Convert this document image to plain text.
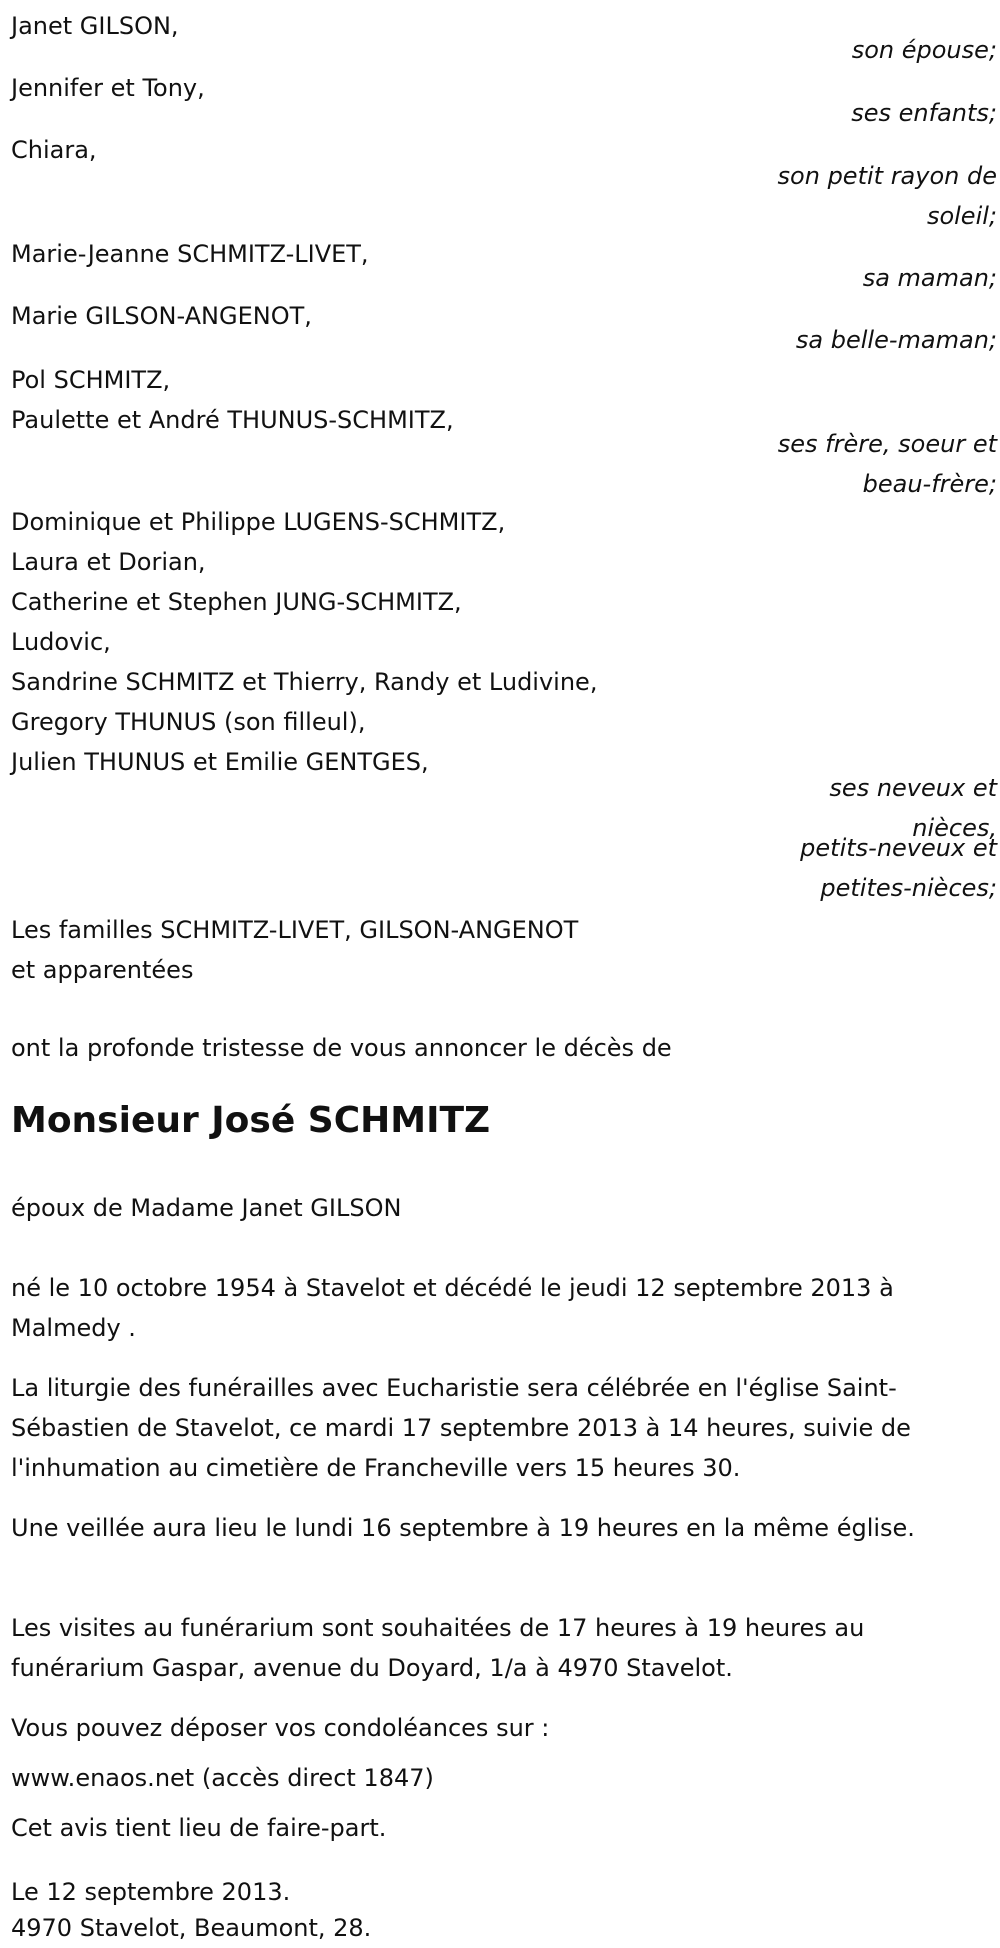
Janet GILSON,
Jennifer et Tony,
Chiara,
Marie-Jeanne SCHMITZ-LIVET,
Marie GILSON-ANGENOT,
Pol SCHMITZ,
Paulette et André THUNUS-SCHMITZ,
Dominique et Philippe LUGENS-SCHMITZ,
Laura et Dorian,
Catherine et Stephen JUNG-SCHMITZ,
Ludovic,
Sandrine SCHMITZ et Thierry, Randy et Ludivine,
Gregory THUNUS (son filleul),
Julien THUNUS et Emilie GENTGES,
Les familles SCHMITZ-LIVET, GILSON-ANGENOT
et apparentées
son épouse;
ses enfants;
son petit rayon de
soleil;
sa maman;
sa belle-maman;
ses frère, soeur et
beau-frère;
ses neveux et
nièces,
petits-neveux et
petites-nièces;
ont la profonde tristesse de vous annoncer le décès de
Monsieur José SCHMITZ
époux de Madame Janet GILSON
né le 10 octobre 1954 à Stavelot et décédé le jeudi 12 septembre 2013 à Malmedy .
La liturgie des funérailles avec Eucharistie sera célébrée en l'église Saint-Sébastien de Stavelot, ce mardi 17 septembre 2013 à 14 heures, suivie de l'inhumation au cimetière de Francheville vers 15 heures 30.
Une veillée aura lieu le lundi 16 septembre à 19 heures en la même église.
Les visites au funérarium sont souhaitées de 17 heures à 19 heures au funérarium Gaspar, avenue du Doyard, 1/a à 4970 Stavelot.
Vous pouvez déposer vos condoléances sur :
www.enaos.net (accès direct 1847)
Cet avis tient lieu de faire-part.
Le 12 septembre 2013.
4970 Stavelot, Beaumont, 28.
